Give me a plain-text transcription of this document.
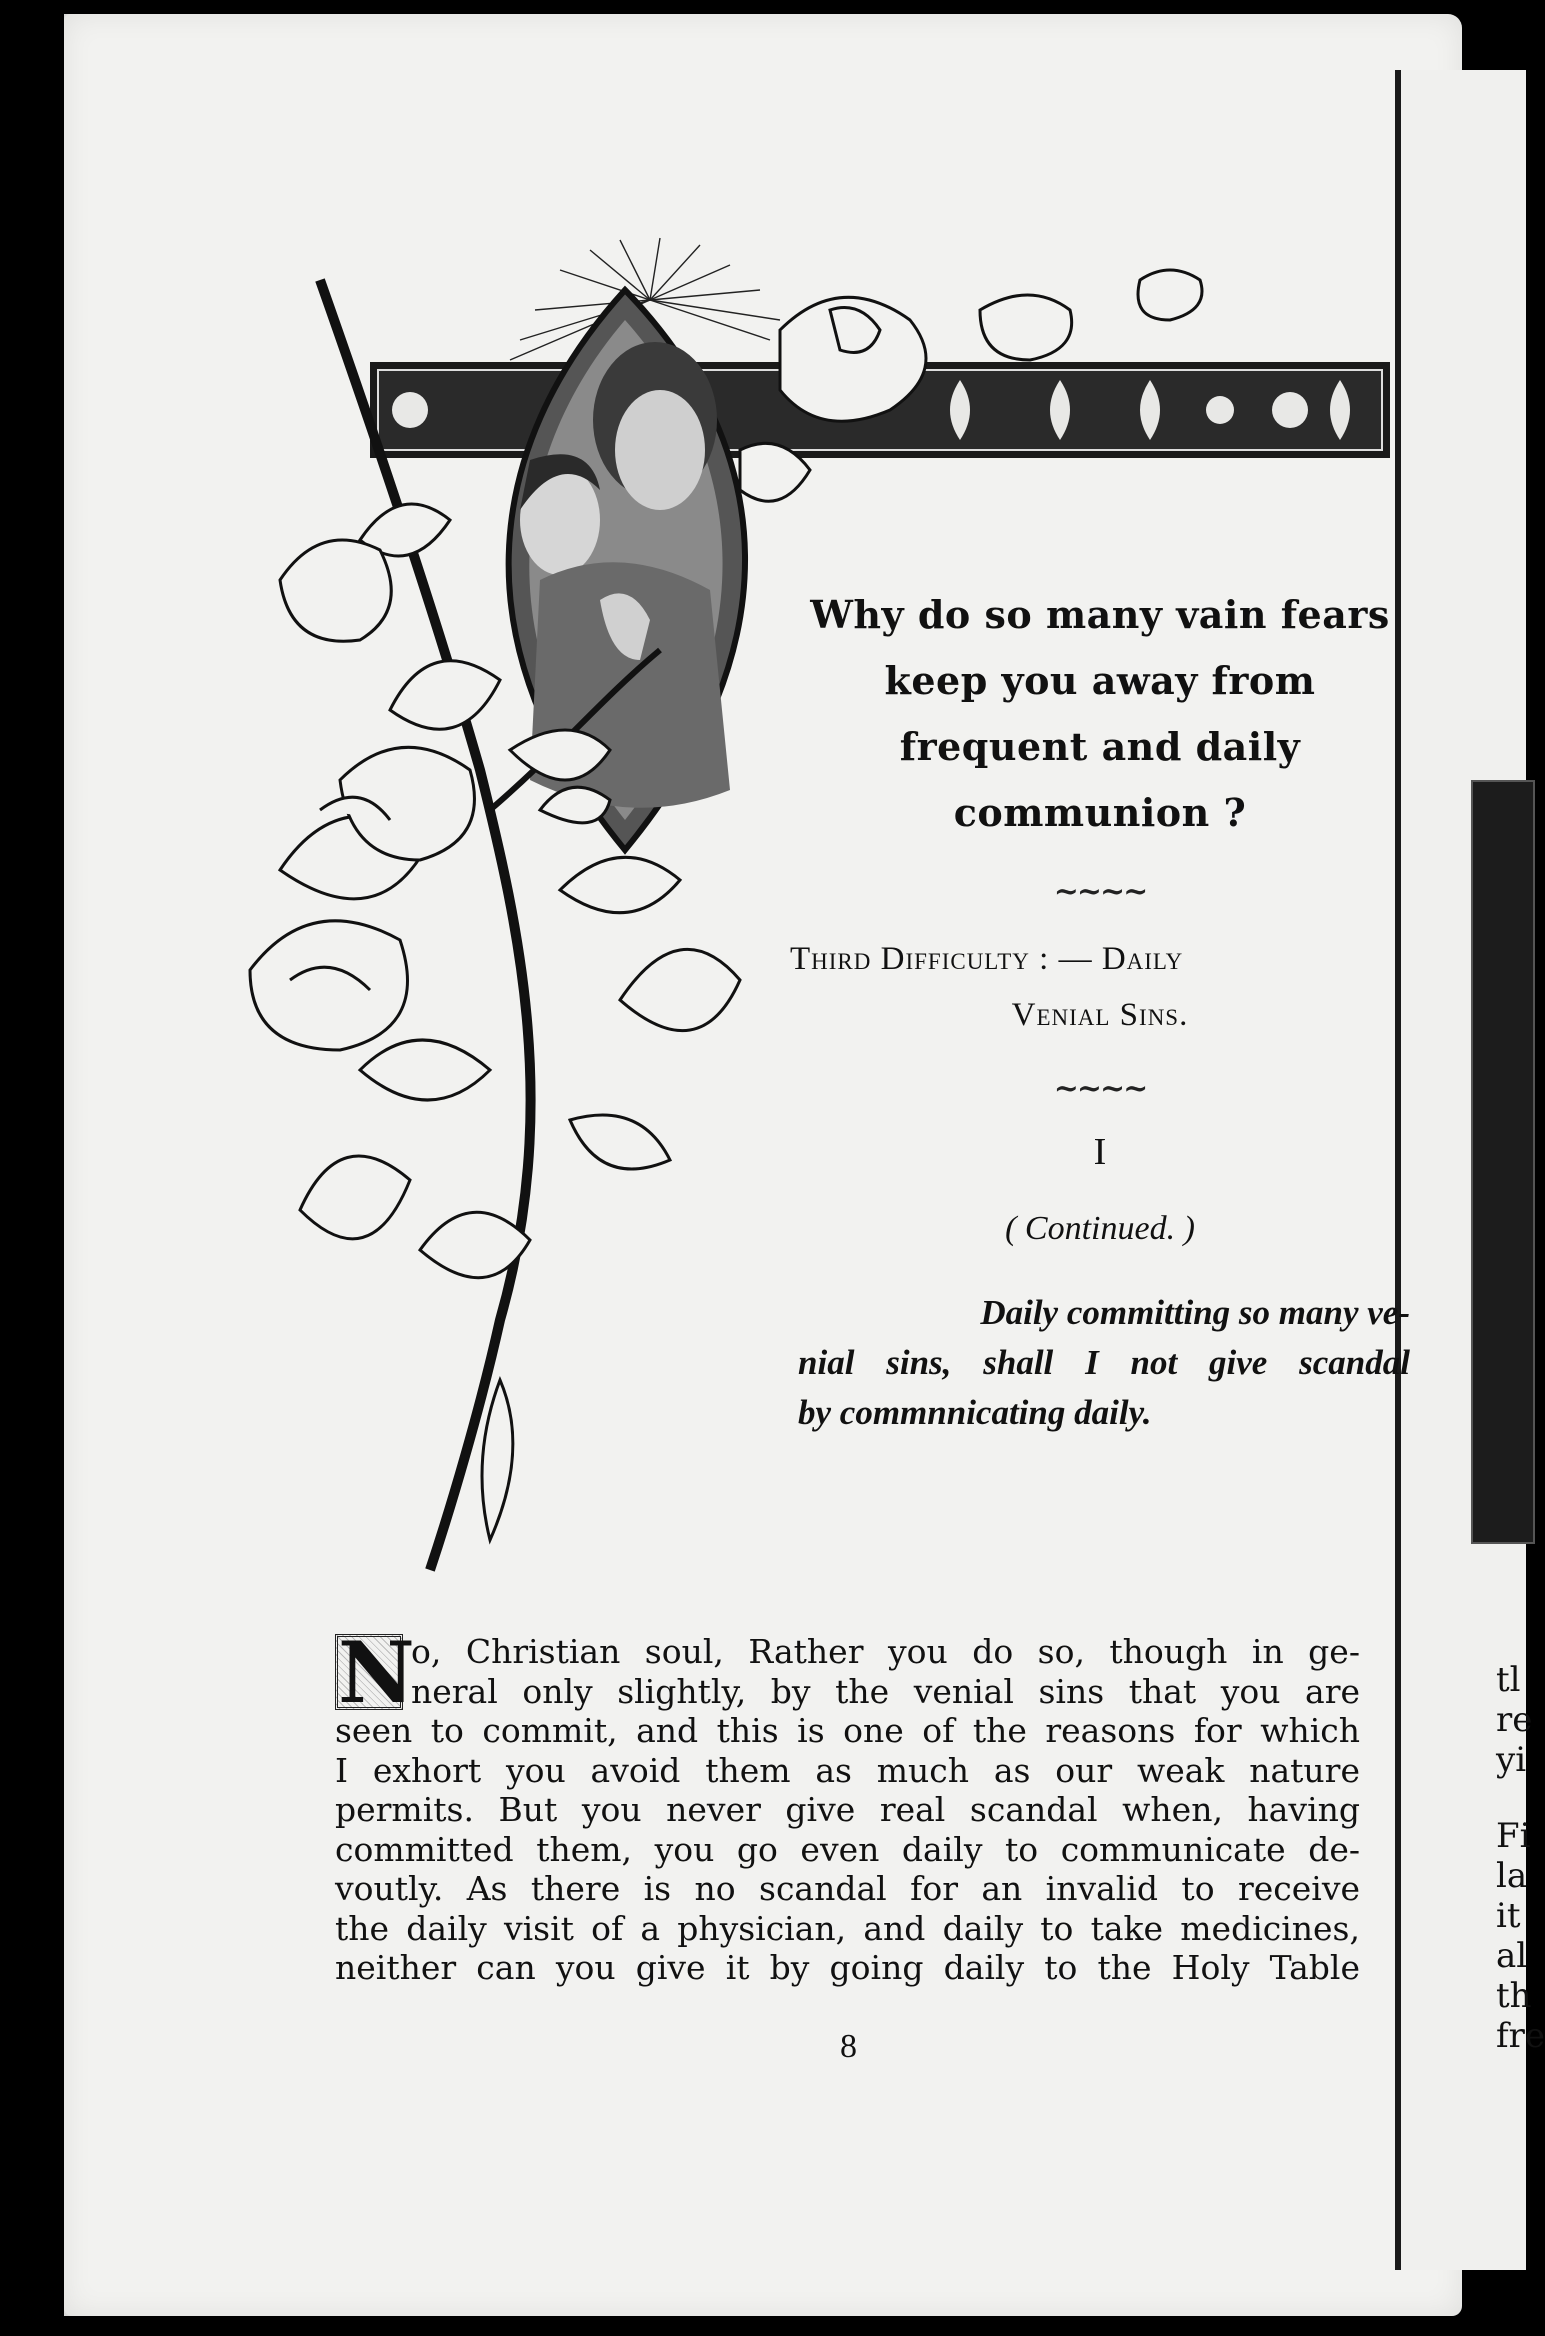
tl
re
yi
Fi
la
it
al
th
fre
Why do so many vain fears
keep you away from
frequent and daily
communion ?
~~~~
Third Difficulty : — Daily
Venial Sins.
~~~~
I
( Continued. )
Daily committing so many ve-
nial sins, shall I not give scandal
by commnnicating daily.
N
o, Christian soul, Rather you do so, though in ge-
neral only slightly, by the venial sins that you are
seen to commit, and this is one of the reasons for which
I exhort you avoid them as much as our weak nature
permits. But you never give real scandal when, having
committed them, you go even daily to communicate de-
voutly. As there is no scandal for an invalid to receive
the daily visit of a physician, and daily to take medicines,
neither can you give it by going daily to the Holy Table
8
